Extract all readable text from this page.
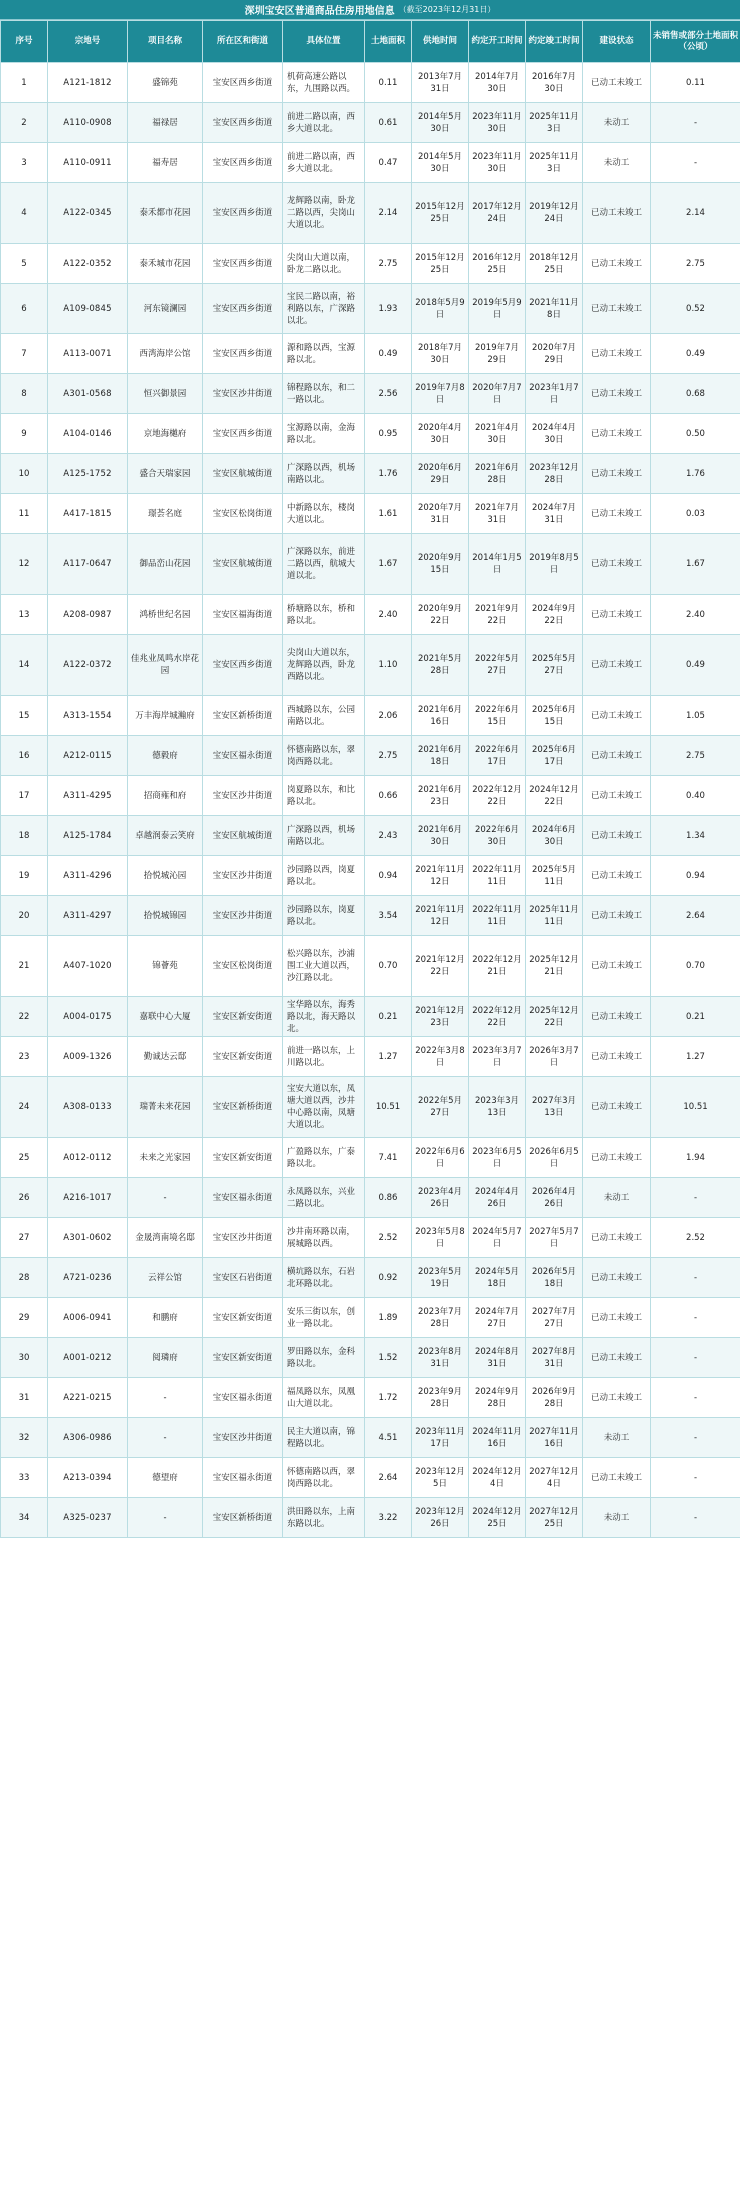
深圳宝安区普通商品住房用地信息 （截至2023年12月31日）
序号	宗地号	项目名称	所在区和街道	具体位置	土地面积	供地时间	约定开工时间	约定竣工时间	建设状态	未销售或部分土地面积（公顷）
1	A121-1812	盛锦苑	宝安区西乡街道	机荷高速公路以东，九围路以西。	0.11	2013年7月31日	2014年7月30日	2016年7月30日	已动工未竣工	0.11
2	A110-0908	福禄居	宝安区西乡街道	前进二路以南，西乡大道以北。	0.61	2014年5月30日	2023年11月30日	2025年11月3日	未动工	-
3	A110-0911	福寿居	宝安区西乡街道	前进二路以南，西乡大道以北。	0.47	2014年5月30日	2023年11月30日	2025年11月3日	未动工	-
4	A122-0345	泰禾都市花园	宝安区西乡街道	龙辉路以南，卧龙二路以西，尖岗山大道以北。	2.14	2015年12月25日	2017年12月24日	2019年12月24日	已动工未竣工	2.14
5	A122-0352	泰禾城市花园	宝安区西乡街道	尖岗山大道以南，卧龙二路以北。	2.75	2015年12月25日	2016年12月25日	2018年12月25日	已动工未竣工	2.75
6	A109-0845	河东镜澜园	宝安区西乡街道	宝民二路以南，裕利路以东，广深路以北。	1.93	2018年5月9日	2019年5月9日	2021年11月8日	已动工未竣工	0.52
7	A113-0071	西湾海岸公馆	宝安区西乡街道	源和路以西，宝源路以北。	0.49	2018年7月30日	2019年7月29日	2020年7月29日	已动工未竣工	0.49
8	A301-0568	恒兴御景园	宝安区沙井街道	锦程路以东，和二一路以北。	2.56	2019年7月8日	2020年7月7日	2023年1月7日	已动工未竣工	0.68
9	A104-0146	京地海樾府	宝安区西乡街道	宝源路以南，金海路以北。	0.95	2020年4月30日	2021年4月30日	2024年4月30日	已动工未竣工	0.50
10	A125-1752	盛合天瑞家园	宝安区航城街道	广深路以西，机场南路以北。	1.76	2020年6月29日	2021年6月28日	2023年12月28日	已动工未竣工	1.76
11	A417-1815	璟荟名庭	宝安区松岗街道	中新路以东，楼岗大道以北。	1.61	2020年7月31日	2021年7月31日	2024年7月31日	已动工未竣工	0.03
12	A117-0647	御品峦山花园	宝安区航城街道	广深路以东，前进二路以西，航城大道以北。	1.67	2020年9月15日	2014年1月5日	2019年8月5日	已动工未竣工	1.67
13	A208-0987	鸿桥世纪名园	宝安区福海街道	桥塘路以东，桥和路以北。	2.40	2020年9月22日	2021年9月22日	2024年9月22日	已动工未竣工	2.40
14	A122-0372	佳兆业凤鸣水岸花园	宝安区西乡街道	尖岗山大道以东，龙辉路以西，卧龙西路以北。	1.10	2021年5月28日	2022年5月27日	2025年5月27日	已动工未竣工	0.49
15	A313-1554	万丰海岸城瀚府	宝安区新桥街道	西城路以东，公园南路以北。	2.06	2021年6月16日	2022年6月15日	2025年6月15日	已动工未竣工	1.05
16	A212-0115	德毅府	宝安区福永街道	怀德南路以东，翠岗西路以北。	2.75	2021年6月18日	2022年6月17日	2025年6月17日	已动工未竣工	2.75
17	A311-4295	招商雍和府	宝安区沙井街道	岗夏路以东，和比路以北。	0.66	2021年6月23日	2022年12月22日	2024年12月22日	已动工未竣工	0.40
18	A125-1784	卓越润泰云笑府	宝安区航城街道	广深路以西，机场南路以北。	2.43	2021年6月30日	2022年6月30日	2024年6月30日	已动工未竣工	1.34
19	A311-4296	拾悦城沁园	宝安区沙井街道	沙园路以西，岗夏路以北。	0.94	2021年11月12日	2022年11月11日	2025年5月11日	已动工未竣工	0.94
20	A311-4297	拾悦城锦园	宝安区沙井街道	沙园路以东，岗夏路以北。	3.54	2021年11月12日	2022年11月11日	2025年11月11日	已动工未竣工	2.64
21	A407-1020	锦薈苑	宝安区松岗街道	松兴路以东，沙浦围工业大道以西，沙江路以北。	0.70	2021年12月22日	2022年12月21日	2025年12月21日	已动工未竣工	0.70
22	A004-0175	嘉联中心大厦	宝安区新安街道	宝华路以东，海秀路以北，海天路以北。	0.21	2021年12月23日	2022年12月22日	2025年12月22日	已动工未竣工	0.21
23	A009-1326	勤诚达云邸	宝安区新安街道	前进一路以东，上川路以北。	1.27	2022年3月8日	2023年3月7日	2026年3月7日	已动工未竣工	1.27
24	A308-0133	瑞菁未来花园	宝安区新桥街道	宝安大道以东，凤塘大道以西，沙井中心路以南，凤塘大道以北。	10.51	2022年5月27日	2023年3月13日	2027年3月13日	已动工未竣工	10.51
25	A012-0112	未来之光家园	宝安区新安街道	广盈路以东，广泰路以北。	7.41	2022年6月6日	2023年6月5日	2026年6月5日	已动工未竣工	1.94
26	A216-1017	-	宝安区福永街道	永凤路以东，兴业二路以北。	0.86	2023年4月26日	2024年4月26日	2026年4月26日	未动工	-
27	A301-0602	金晟湾南境名邸	宝安区沙井街道	沙井南环路以南，展城路以西。	2.52	2023年5月8日	2024年5月7日	2027年5月7日	已动工未竣工	2.52
28	A721-0236	云祥公馆	宝安区石岩街道	横坑路以东，石岩北环路以北。	0.92	2023年5月19日	2024年5月18日	2026年5月18日	已动工未竣工	-
29	A006-0941	和鹏府	宝安区新安街道	安乐三街以东，创业一路以北。	1.89	2023年7月28日	2024年7月27日	2027年7月27日	已动工未竣工	-
30	A001-0212	阅璘府	宝安区新安街道	罗田路以东，金科路以北。	1.52	2023年8月31日	2024年8月31日	2027年8月31日	已动工未竣工	-
31	A221-0215	-	宝安区福永街道	福凤路以东，凤凰山大道以北。	1.72	2023年9月28日	2024年9月28日	2026年9月28日	已动工未竣工	-
32	A306-0986	-	宝安区沙井街道	民主大道以南，锦程路以北。	4.51	2023年11月17日	2024年11月16日	2027年11月16日	未动工	-
33	A213-0394	德望府	宝安区福永街道	怀德南路以西，翠岗西路以北。	2.64	2023年12月5日	2024年12月4日	2027年12月4日	已动工未竣工	-
34	A325-0237	-	宝安区新桥街道	洪田路以东，上南东路以北。	3.22	2023年12月26日	2024年12月25日	2027年12月25日	未动工	-
